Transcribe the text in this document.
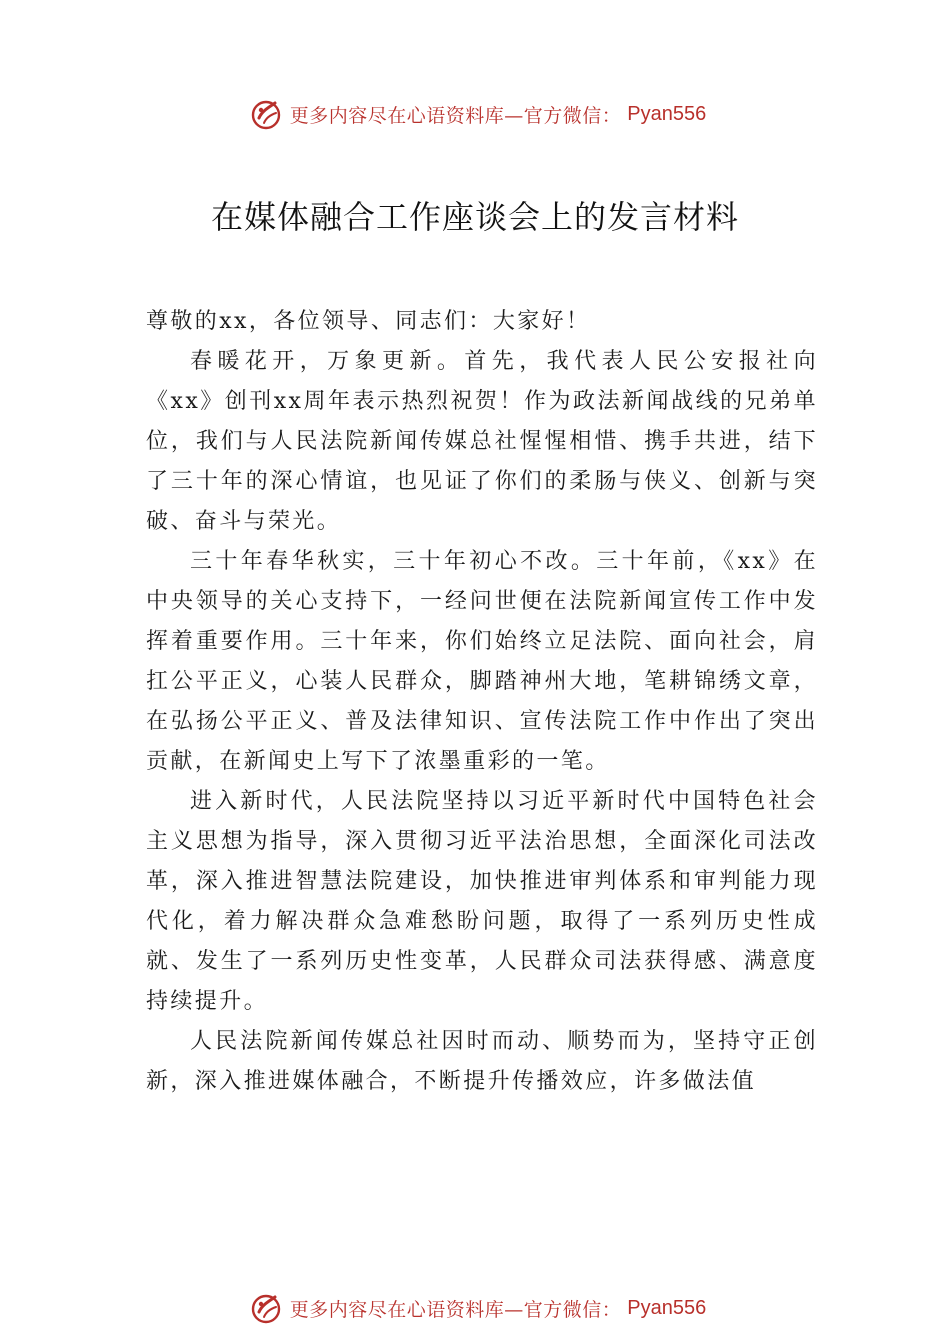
更多内容尽在心语资料库—官方微信： Pyan556
在媒体融合工作座谈会上的发言材料

尊敬的xx，各位领导、同志们：大家好！

春暖花开，万象更新。首先，我代表人民公安报社向《xx》创刊xx周年表示热烈祝贺！作为政法新闻战线的兄弟单位，我们与人民法院新闻传媒总社惺惺相惜、携手共进，结下了三十年的深心情谊，也见证了你们的柔肠与侠义、创新与突破、奋斗与荣光。

三十年春华秋实，三十年初心不改。三十年前，《xx》在中央领导的关心支持下，一经问世便在法院新闻宣传工作中发挥着重要作用。三十年来，你们始终立足法院、面向社会，肩扛公平正义，心装人民群众，脚踏神州大地，笔耕锦绣文章，在弘扬公平正义、普及法律知识、宣传法院工作中作出了突出贡献，在新闻史上写下了浓墨重彩的一笔。

进入新时代，人民法院坚持以习近平新时代中国特色社会主义思想为指导，深入贯彻习近平法治思想，全面深化司法改革，深入推进智慧法院建设，加快推进审判体系和审判能力现代化，着力解决群众急难愁盼问题，取得了一系列历史性成就、发生了一系列历史性变革，人民群众司法获得感、满意度持续提升。

人民法院新闻传媒总社因时而动、顺势而为，坚持守正创新，深入推进媒体融合，不断提升传播效应，许多做法值

更多内容尽在心语资料库—官方微信： Pyan556
